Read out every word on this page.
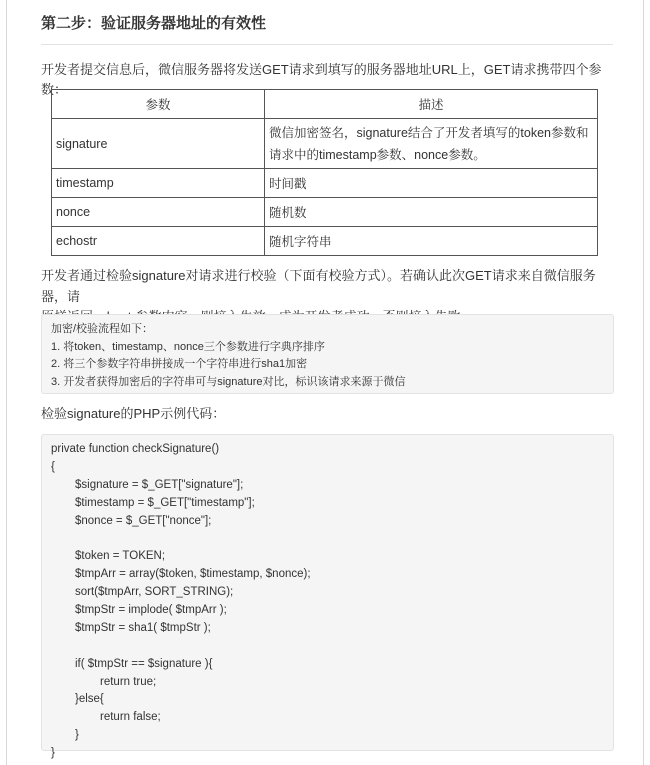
第二步：验证服务器地址的有效性

开发者提交信息后，微信服务器将发送GET请求到填写的服务器地址URL上，GET请求携带四个参数：

参数	描述
signature	微信加密签名，signature结合了开发者填写的token参数和
请求中的timestamp参数、nonce参数。

timestamp	时间戳
nonce	随机数
echostr	随机字符串
开发者通过检验signature对请求进行校验（下面有校验方式）。若确认此次GET请求来自微信服务器，请
加密/校验流程如下：
1. 将token、timestamp、nonce三个参数进行字典序排序
2. 将三个参数字符串拼接成一个字符串进行sha1加密
3. 开发者获得加密后的字符串可与signature对比，标识该请求来源于微信

检验signature的PHP示例代码：

private function checkSignature()
{
$signature = $_GET["signature"];
$timestamp = $_GET["timestamp"];
$nonce = $_GET["nonce"];
$token = TOKEN;
$tmpArr = array($token, $timestamp, $nonce);
sort($tmpArr, SORT_STRING);
$tmpStr = implode( $tmpArr );
$tmpStr = sha1( $tmpStr );
if( $tmpStr == $signature ){
return true;
}else{
return false;
}
}
